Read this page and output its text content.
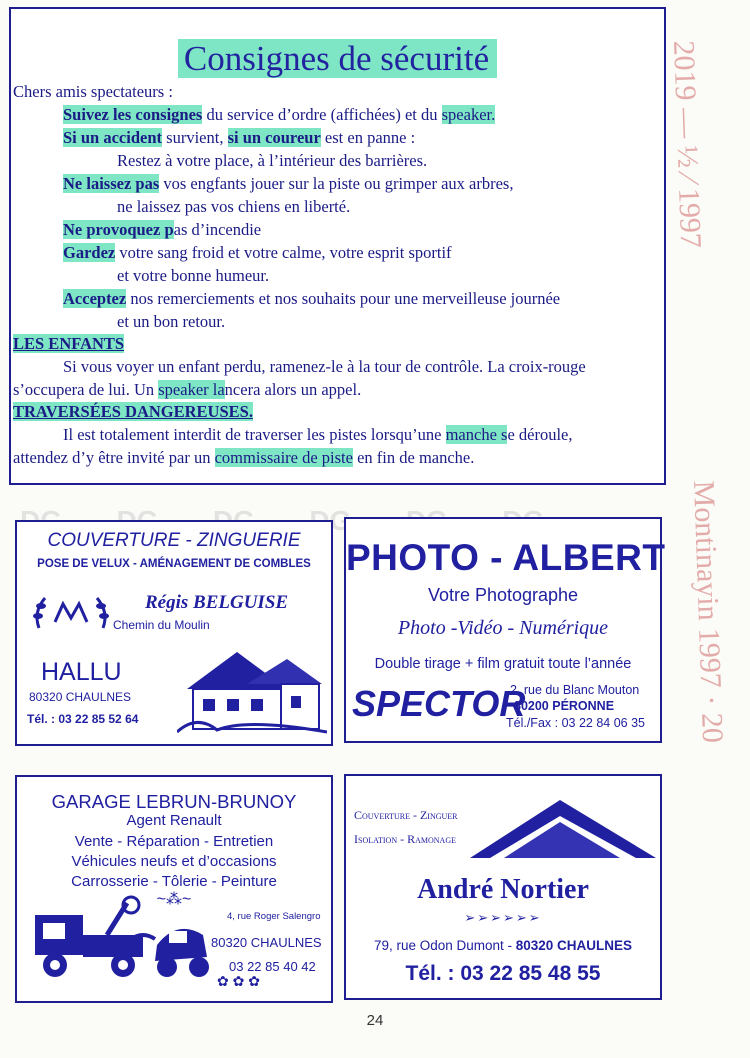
2019 — ½ ⁄ 1997
Montinayin 1997 · 20
Consignes de sécurité
Chers amis spectateurs :
Suivez les consignes du service d’ordre (affichées) et du speaker.
Si un accident survient, si un coureur est en panne :
Restez à votre place, à l’intérieur des barrières.
Ne laissez pas vos engfants jouer sur la piste ou grimper aux arbres,
ne laissez pas vos chiens en liberté.
Ne provoquez pas d’incendie
Gardez votre sang froid et votre calme, votre esprit sportif
et votre bonne humeur.
Acceptez nos remerciements et nos souhaits pour une merveilleuse journée
et un bon retour.
LES ENFANTS
Si vous voyer un enfant perdu, ramenez-le à la tour de contrôle. La croix-rouge
s’occupera de lui. Un speaker lancera alors un appel.
TRAVERSÉES DANGEREUSES.
Il est totalement interdit de traverser les pistes lorsqu’une manche se déroule,
attendez d’y être invité par un commissaire de piste en fin de manche.
COUVERTURE - ZINGUERIE
POSE DE VELUX - AMÉNAGEMENT DE COMBLES
Régis BELGUISE
Chemin du Moulin
HALLU
80320 CHAULNES
Tél. : 03 22 85 52 64
PHOTO - ALBERT
Votre Photographe
Photo -Vidéo - Numérique
Double tirage + film gratuit toute l’année
SPECTOR
2, rue du Blanc Mouton
80200 PÉRONNE
Tél./Fax : 03 22 84 06 35
GARAGE LEBRUN-BRUNOY
Agent Renault
Vente - Réparation - Entretien
Véhicules neufs et d’occasions
Carrosserie - Tôlerie - Peinture
~⁂~
4, rue Roger Salengro
80320 CHAULNES
03 22 85 40 42
✿ ✿ ✿
Couverture - Zinguer
Isolation - Ramonage
André Nortier
➢➢➢➢➢➢
79, rue Odon Dumont - 80320 CHAULNES
Tél. : 03 22 85 48 55
24
